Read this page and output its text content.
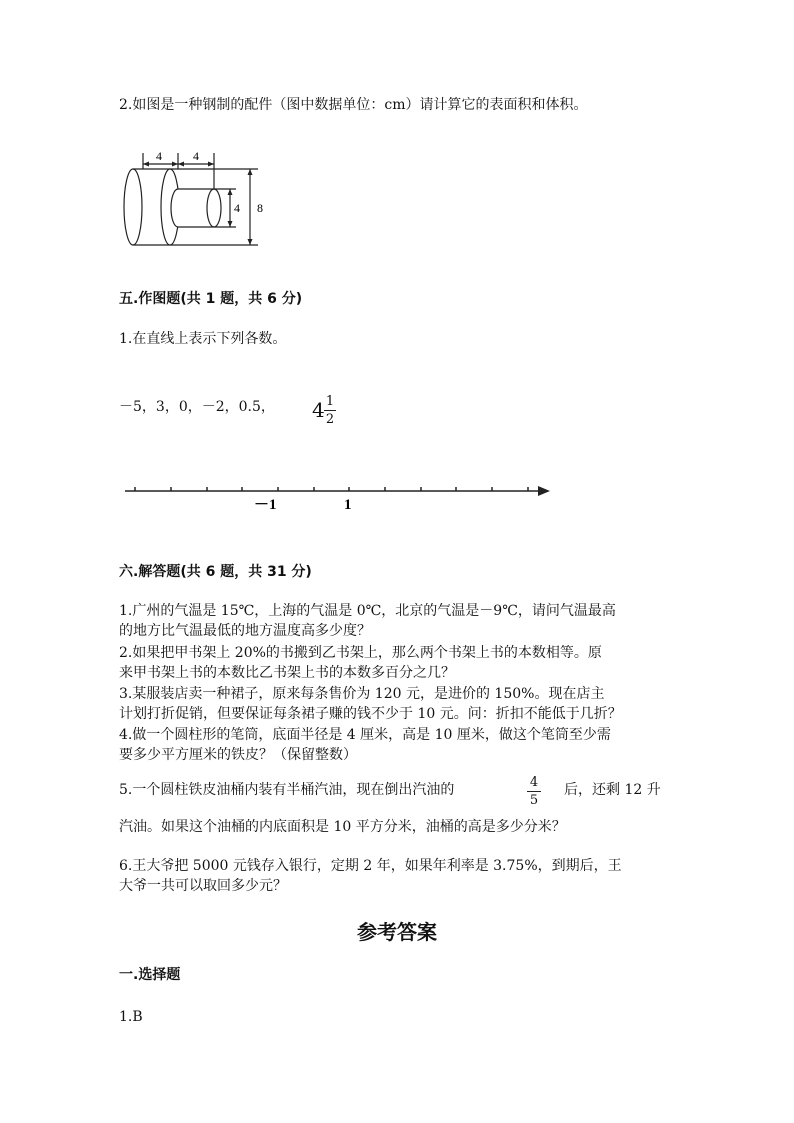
2.如图是一种钢制的配件（图中数据单位：cm）请计算它的表面积和体积。
4	4
4 8
五.作图题(共 1 题，共 6 分)
1.在直线上表示下列各数。
－5，3，0，－2，0.5， 4 1
2
－1	1
六.解答题(共 6 题，共 31 分)
1.广州的气温是 15℃，上海的气温是 0℃，北京的气温是－9℃，请问气温最高
的地方比气温最低的地方温度高多少度？
2.如果把甲书架上 20%的书搬到乙书架上，那么两个书架上书的本数相等。原
来甲书架上书的本数比乙书架上书的本数多百分之几？
3.某服装店卖一种裙子，原来每条售价为 120 元，是进价的 150%。现在店主
计划打折促销，但要保证每条裙子赚的钱不少于 10 元。问：折扣不能低于几折？
4.做一个圆柱形的笔筒，底面半径是 4 厘米，高是 10 厘米，做这个笔筒至少需
要多少平方厘米的铁皮？（保留整数）
5.一个圆柱铁皮油桶内装有半桶汽油，现在倒出汽油的	4
5
后，还剩 12 升
汽油。如果这个油桶的内底面积是 10 平方分米，油桶的高是多少分米？
6.王大爷把 5000 元钱存入银行，定期 2 年，如果年利率是 3.75%，到期后，王
大爷一共可以取回多少元？
参考答案
一.选择题
1.B
